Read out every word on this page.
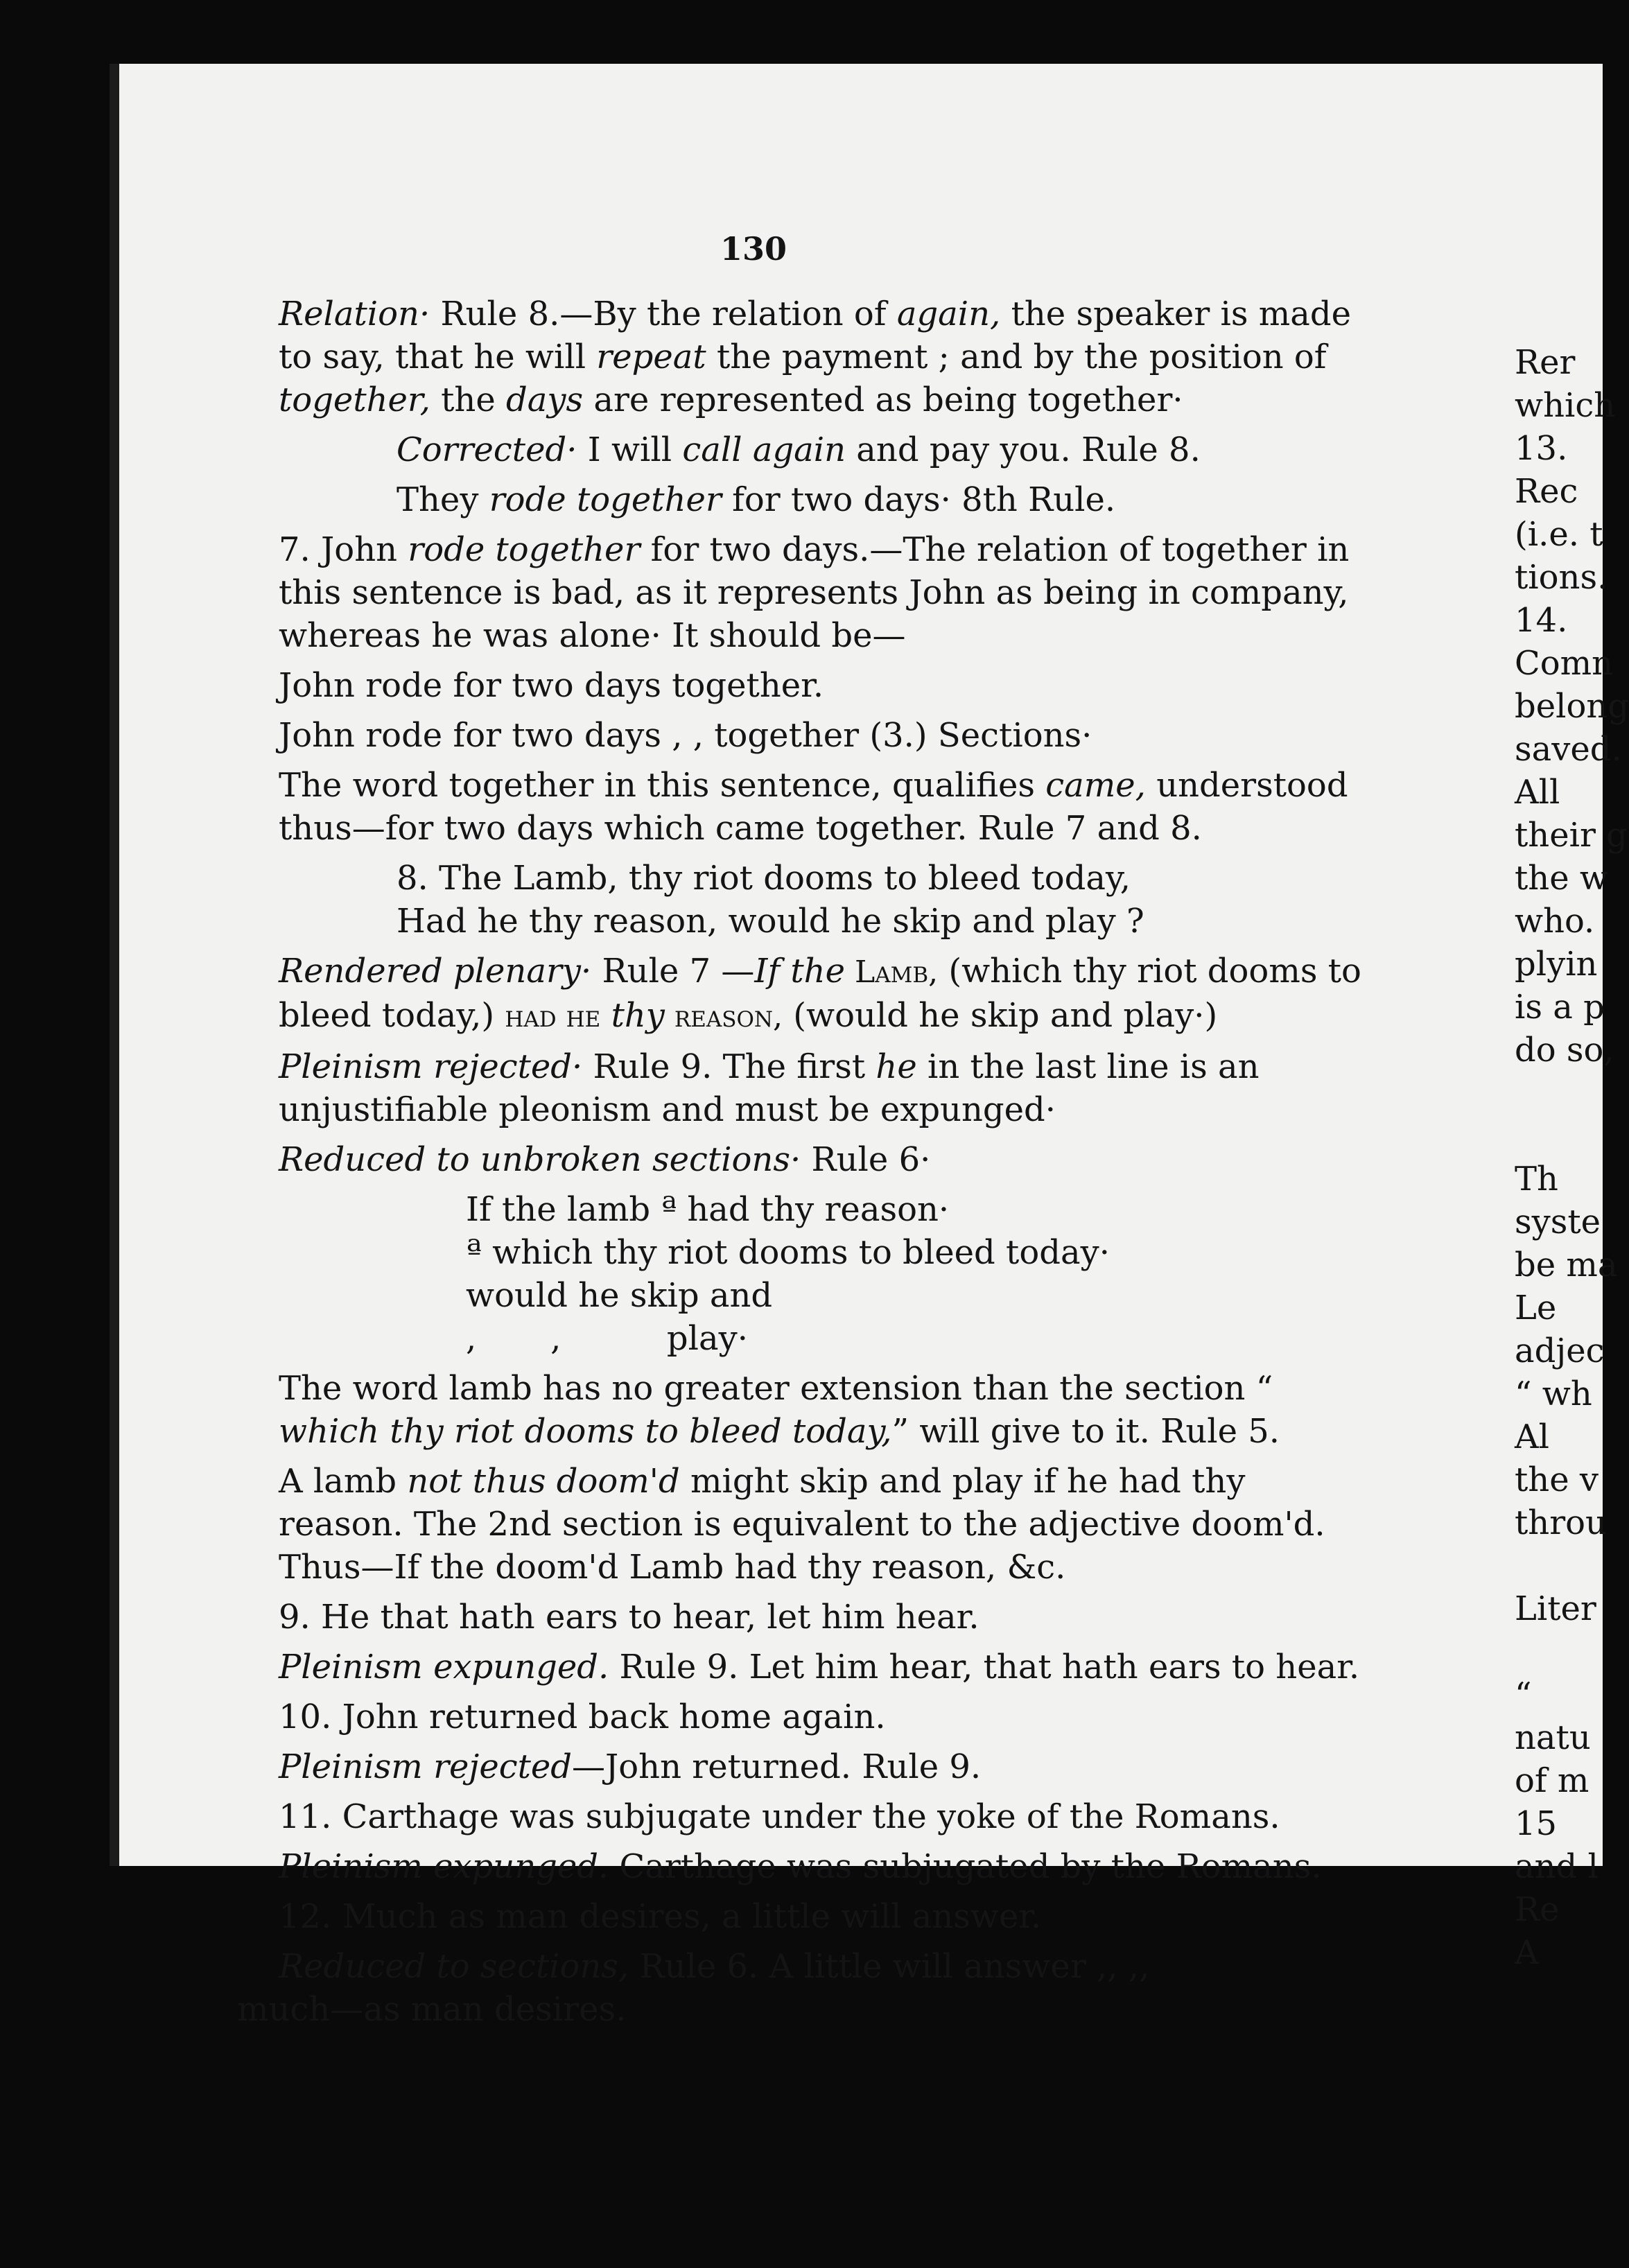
130

Relation· Rule 8.—By the relation of again, the speaker is made to say, that he will repeat the payment ; and by the position of together, the days are represented as being together·

Corrected· I will call again and pay you. Rule 8.

They rode together for two days· 8th Rule.

7. John rode together for two days.—The relation of together in this sentence is bad, as it represents John as being in company, whereas he was alone· It should be—

John rode for two days together.

John rode for two days , , together (3.) Sections·

The word together in this sentence, qualifies came, understood thus—for two days which came together. Rule 7 and 8.

8. The Lamb, thy riot dooms to bleed today,

Had he thy reason, would he skip and play ?

Rendered plenary· Rule 7 —If the Lamb, (which thy riot dooms to bleed today,) had he thy reason, (would he skip and play·)

Pleinism rejected· Rule 9. The first he in the last line is an unjustifiable pleonism and must be expunged·

Reduced to unbroken sections· Rule 6·

If the lamb ª had thy reason·

ª which thy riot dooms to bleed today·

would he skip and

,       ,          play·

The word lamb has no greater extension than the section “ which thy riot dooms to bleed today,” will give to it. Rule 5.

A lamb not thus doom'd might skip and play if he had thy reason. The 2nd section is equivalent to the adjective doom'd. Thus—If the doom'd Lamb had thy reason, &c.

9. He that hath ears to hear, let him hear.

Pleinism expunged. Rule 9. Let him hear, that hath ears to hear.

10. John returned back home again.

Pleinism rejected—John returned. Rule 9.

11. Carthage was subjugate under the yoke of the Romans.

Pleinism expunged. Carthage was subjugated by the Romans.

12. Much as man desires, a little will answer.

Reduced to sections, Rule 6. A little will answer ,, ,,

much—as man desires.

Rer
which
13.
Rec
(i.e. t
tions.
14.
Comn
belong
saved.
All
their g
the w
who.
plyin
is a p
do so,
Th
syste
be ma
Le
adjec
“ wh
Al
the v
throu
Liter
“
natu
of m
15
and l
Re
A
